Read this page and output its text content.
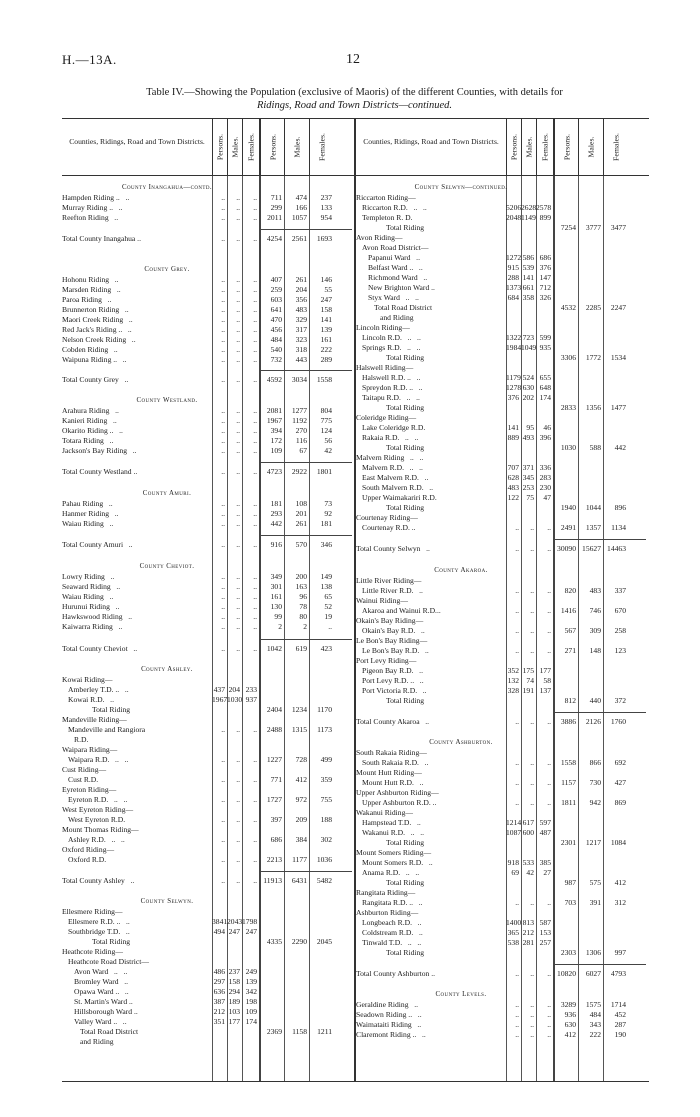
H.—13A.	12
Table IV.—Showing the Population (exclusive of Maoris) of the different Counties, with details for
Ridings, Road and Town Districts—continued.
Counties, Ridings, Road and Town Districts.	Persons. Males. Females. Persons. Males. Females.
County Inangahua—contd.
Hampden Riding ..   ..	..	..	..	711	474	237
Murray Riding ..   ..	..	..	..	299	166	133
Reefton Riding   ..	..	..	..	2011	1057	954
Total County Inangahua ..	..	..	..	4254	2561	1693
County Grey.
Hohonu Riding   ..	..	..	..	407	261	146
Marsden Riding   ..	..	..	..	259	204	55
Paroa Riding   ..	..	..	..	603	356	247
Brunnerton Riding   ..	..	..	..	641	483	158
Maori Creek Riding   ..	..	..	..	470	329	141
Red Jack's Riding ..   ..	..	..	..	456	317	139
Nelson Creek Riding   ..	..	..	..	484	323	161
Cobden Riding   ..	..	..	..	540	318	222
Waipuna Riding ..   ..	..	..	..	732	443	289
Total County Grey   ..	..	..	..	4592	3034	1558
County Westland.
Arahura Riding   ..	..	..	..	2081	1277	804
Kanieri Riding   ..	..	..	..	1967	1192	775
Okarito Riding ..   ..	..	..	..	394	270	124
Totara Riding   ..	..	..	..	172	116	56
Jackson's Bay Riding   ..	..	..	..	109	67	42
Total County Westland ..	..	..	..	4723	2922	1801
County Amuri.
Pahau Riding   ..	..	..	..	181	108	73
Hanmer Riding   ..	..	..	..	293	201	92
Waiau Riding   ..	..	..	..	442	261	181
Total County Amuri   ..	..	..	..	916	570	346
County Cheviot.
Lowry Riding   ..	..	..	..	349	200	149
Seaward Riding   ..	..	..	..	301	163	138
Waiau Riding   ..	..	..	..	161	96	65
Hurunui Riding   ..	..	..	..	130	78	52
Hawkswood Riding   ..	..	..	..	99	80	19
Kaiwarra Riding   ..	..	..	..	2	2	..
Total County Cheviot   ..	..	..	..	1042	619	423
County Ashley.
Kowai Riding—
Amberley T.D. ..   ..	437 204 233
Kowai R.D.   ..	1967 1030 937
Total Riding	2404	1234	1170
Mandeville Riding—
Mandeville and Rangiora	..	..	..	2488	1315	1173
R.D.
Waipara Riding—
Waipara R.D.   ..   ..	..	..	..	1227	728	499
Cust Riding—
Cust R.D.	..	..	..	771	412	359
Eyreton Riding—
Eyreton R.D.   ..   ..	..	..	..	1727	972	755
West Eyreton Riding—
West Eyreton R.D.	..	..	..	397	209	188
Mount Thomas Riding—
Ashley R.D.   ..   ..	..	..	..	686	384	302
Oxford Riding—
Oxford R.D.	..	..	..	2213	1177	1036
Total County Ashley   ..	..	..	.. 11913	6431	5482
County Selwyn.
Ellesmere Riding—
Ellesmere R.D. ..   ..	3841 2043 1798
Southbridge T.D.   ..	494 247 247
Total Riding	4335	2290	2045
Heathcote Riding—
Heathcote Road District—
Avon Ward   ..   ..	486 237 249
Bromley Ward   ..	297 158 139
Opawa Ward ..   ..	636 294 342
St. Martin's Ward ..	387 189 198
Hillsborough Ward ..	212 103 109
Valley Ward ..   ..	351 177 174
Total Road District	2369	1158	1211
and Riding
Counties, Ridings, Road and Town Districts.	Persons. Males. Females. Persons. Males. Females.
County Selwyn—continued.
Riccarton Riding—
Riccarton R.D.   ..   ..	5206 2628 2578
Templeton R. D.	2048 1149 899
Total Riding	7254	3777	3477
Avon Riding—
Avon Road District—
Papanui Ward   ..	1272 586 686
Belfast Ward ..   ..	915 539 376
Richmond Ward   ..	288 141 147
New Brighton Ward ..	1373 661 712
Styx Ward   ..   ..	684 358 326
Total Road District	4532	2285	2247
and Riding
Lincoln Riding—
Lincoln R.D.   ..   ..	1322 723 599
Springs R.D.   ..   ..	1984 1049 935
Total Riding	3306	1772	1534
Halswell Riding—
Halswell R.D. ..   ..	1179 524 655
Spreydon R.D. ..   ..	1278 630 648
Taitapu R.D.   ..   ..	376 202 174
Total Riding	2833	1356	1477
Coleridge Riding—
Lake Coleridge R.D.	141 95	46
Rakaia R.D.   ..   ..	889 493 396
Total Riding	1030	588	442
Malvern Riding   ..   ..
Malvern R.D.   ..   ..	707 371 336
East Malvern R.D.   ..	628 345 283
South Malvern R.D.   ..	483 253 230
Upper Waimakariri R.D.	122 75	47
Total Riding	1940	1044	896
Courtenay Riding—
Courtenay R.D. ..	..	..	..	2491	1357	1134
Total County Selwyn   ..	..	..	.. 30090 15627 14463
County Akaroa.
Little River Riding—
Little River R.D.   ..	..	..	..	820	483	337
Wainui Riding—
Akaroa and Wainui R.D...	..	..	..	1416	746	670
Okain's Bay Riding—
Okain's Bay R.D.   ..	..	..	..	567	309	258
Le Bon's Bay Riding—
Le Bon's Bay R.D.   ..	..	..	..	271	148	123
Port Levy Riding—
Pigeon Bay R.D.   ..	352 175 177
Port Levy R.D. ..   ..	132 74	58
Port Victoria R.D.   ..	328 191 137
Total Riding	812	440	372
Total County Akaroa   ..	..	..	..	3886	2126	1760
County Ashburton.
South Rakaia Riding—
South Rakaia R.D.   ..	..	..	..	1558	866	692
Mount Hutt Riding—
Mount Hutt R.D.   ..	..	..	..	1157	730	427
Upper Ashburton Riding—
Upper Ashburton R.D. ..	..	..	..	1811	942	869
Wakanui Riding—
Hampstead T.D.   ..	1214 617 597
Wakanui R.D.   ..   ..	1087 600 487
Total Riding	2301	1217	1084
Mount Somers Riding—
Mount Somers R.D.   ..	918 533 385
Anama R.D.   ..   ..	69 42	27
Total Riding	987	575	412
Rangitata Riding—
Rangitata R.D. ..   ..	..	..	..	703	391	312
Ashburton Riding—
Longbeach R.D.   ..	1400 813 587
Coldstream R.D.   ..	365 212 153
Tinwald T.D.   ..   ..	538 281 257
Total Riding	2303	1306	997
Total County Ashburton ..	..	..	.. 10820	6027	4793
County Levels.
Geraldine Riding   ..	..	..	..	3289	1575	1714
Seadown Riding ..   ..	..	..	..	936	484	452
Waimataiti Riding   ..	..	..	..	630	343	287
Claremont Riding ..   ..	..	..	..	412	222	190
